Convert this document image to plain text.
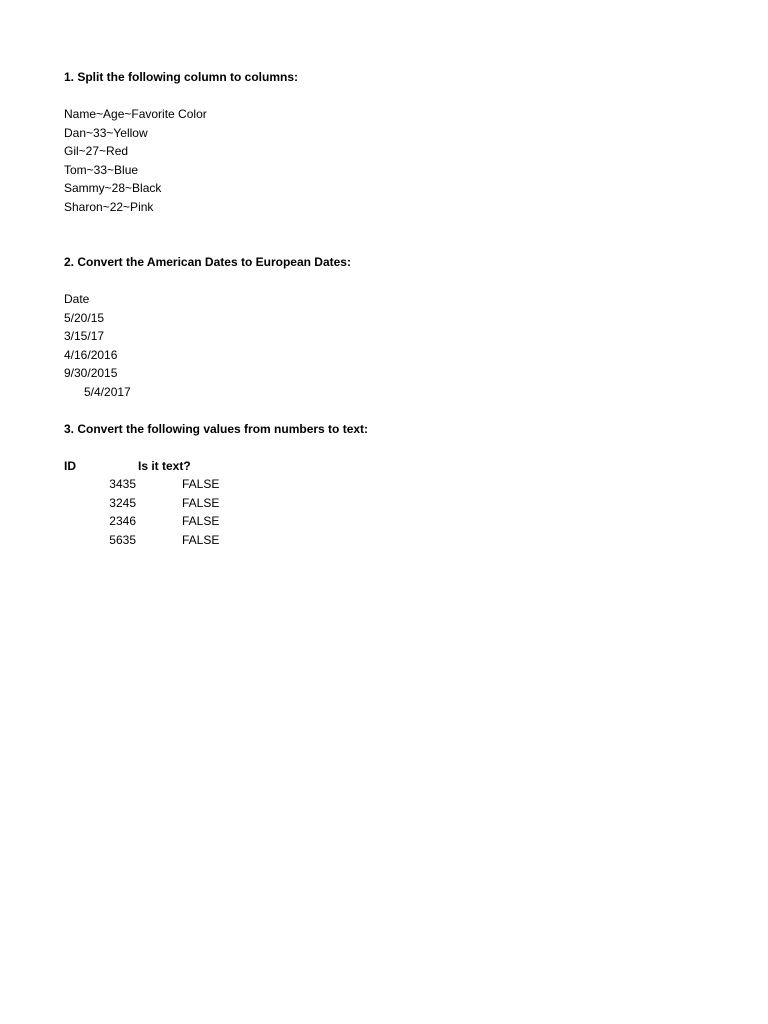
1. Split the following column to columns:
Name~Age~Favorite Color
Dan~33~Yellow
Gil~27~Red
Tom~33~Blue
Sammy~28~Black
Sharon~22~Pink
2. Convert the American Dates to European Dates:
Date
5/20/15
3/15/17
4/16/2016
9/30/2015
5/4/2017
3. Convert the following values from numbers to text:
ID	Is it text?
3435	FALSE
3245	FALSE
2346	FALSE
5635	FALSE
